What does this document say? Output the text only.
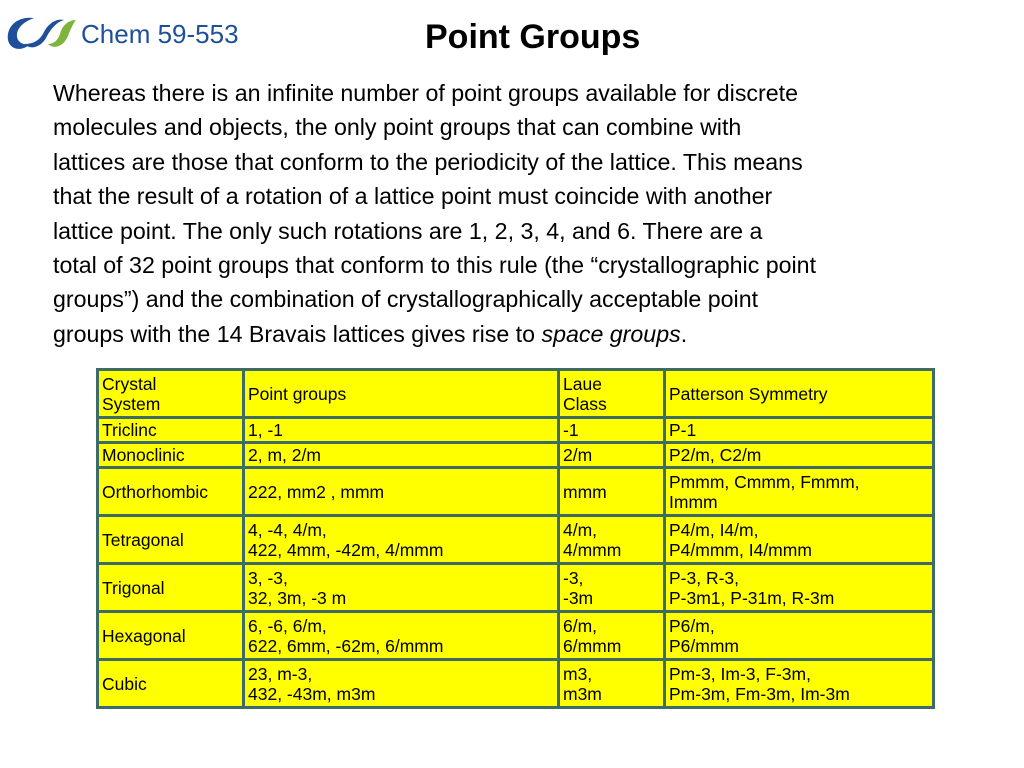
Chem 59-553	Point Groups
Whereas there is an infinite number of point groups available for discrete
molecules and objects, the only point groups that can combine with
lattices are those that conform to the periodicity of the lattice. This means
that the result of a rotation of a lattice point must coincide with another
lattice point. The only such rotations are 1, 2, 3, 4, and 6. There are a
total of 32 point groups that conform to this rule (the “crystallographic point
groups”) and the combination of crystallographically acceptable point
groups with the 14 Bravais lattices gives rise to space groups.
Crystal
System	Point groups	Laue
Class	Patterson Symmetry

Triclinc	1, -1	-1	P-1

Monoclinic	2, m, 2/m	2/m	P2/m, C2/m

Orthorhombic	222, mm2 , mmm	mmm	Pmmm, Cmmm, Fmmm,
Immm

Tetragonal	4, -4, 4/m,
422, 4mm, -42m, 4/mmm	4/m,
4/mmm	P4/m, I4/m,
P4/mmm, I4/mmm

Trigonal	3, -3,
32, 3m, -3 m	-3,
-3m	P-3, R-3,
P-3m1, P-31m, R-3m

Hexagonal	6, -6, 6/m,
622, 6mm, -62m, 6/mmm	6/m,
6/mmm	P6/m,
P6/mmm

Cubic	23, m-3,
432, -43m, m3m	m3,
m3m	Pm-3, Im-3, F-3m,
Pm-3m, Fm-3m, Im-3m
